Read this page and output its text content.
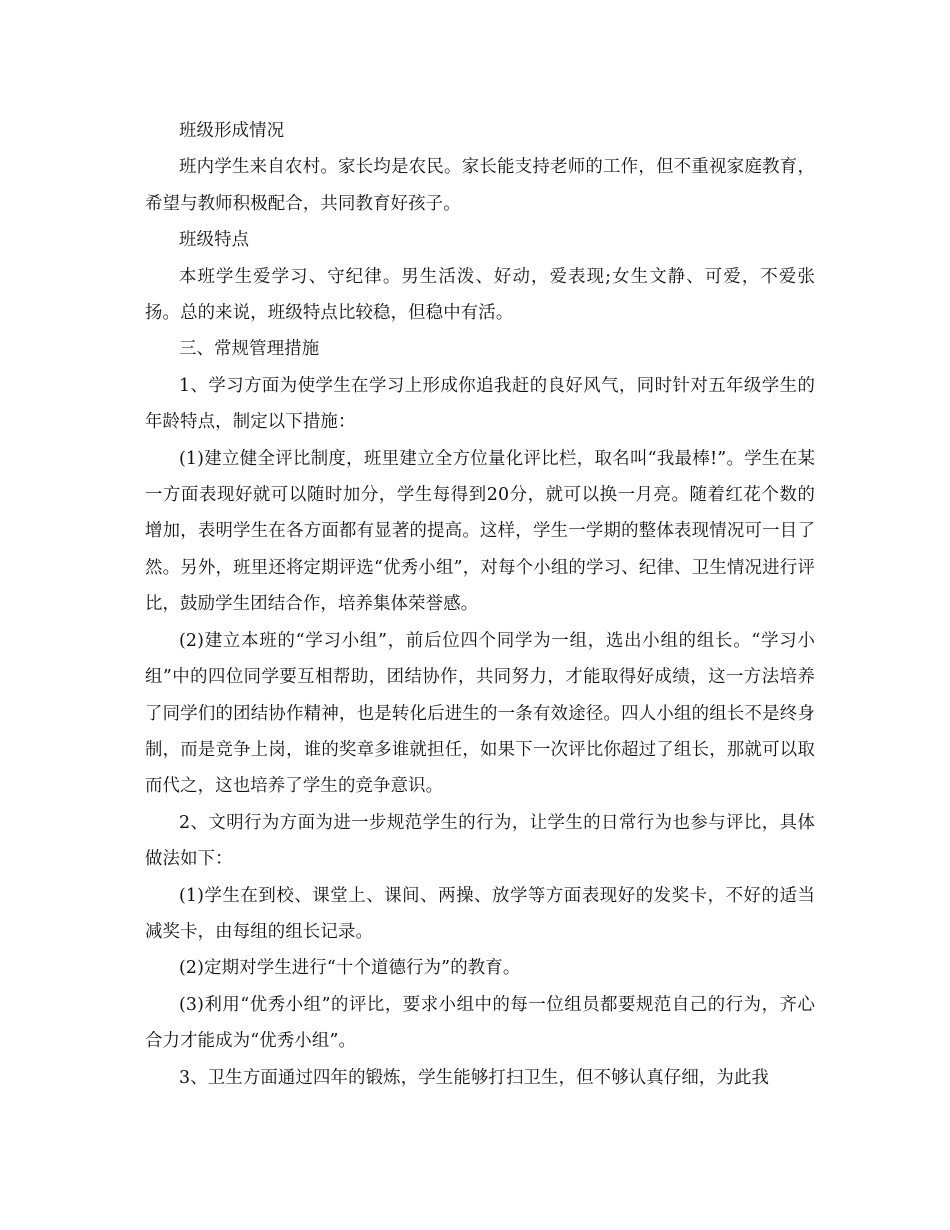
班级形成情况

班内学生来自农村。家长均是农民。家长能支持老师的工作，但不重视家庭教育，希望与教师积极配合，共同教育好孩子。

班级特点

本班学生爱学习、守纪律。男生活泼、好动，爱表现;女生文静、可爱，不爱张扬。总的来说，班级特点比较稳，但稳中有活。

三、常规管理措施

1、学习方面为使学生在学习上形成你追我赶的良好风气，同时针对五年级学生的年龄特点，制定以下措施：

(1)建立健全评比制度，班里建立全方位量化评比栏，取名叫“我最棒!”。学生在某一方面表现好就可以随时加分，学生每得到20分，就可以换一月亮。随着红花个数的增加，表明学生在各方面都有显著的提高。这样，学生一学期的整体表现情况可一目了然。另外，班里还将定期评选“优秀小组”，对每个小组的学习、纪律、卫生情况进行评比，鼓励学生团结合作，培养集体荣誉感。

(2)建立本班的“学习小组”，前后位四个同学为一组，选出小组的组长。“学习小组”中的四位同学要互相帮助，团结协作，共同努力，才能取得好成绩，这一方法培养了同学们的团结协作精神，也是转化后进生的一条有效途径。四人小组的组长不是终身制，而是竞争上岗，谁的奖章多谁就担任，如果下一次评比你超过了组长，那就可以取而代之，这也培养了学生的竞争意识。

2、文明行为方面为进一步规范学生的行为，让学生的日常行为也参与评比，具体做法如下：

(1)学生在到校、课堂上、课间、两操、放学等方面表现好的发奖卡，不好的适当减奖卡，由每组的组长记录。

(2)定期对学生进行“十个道德行为”的教育。

(3)利用“优秀小组”的评比，要求小组中的每一位组员都要规范自己的行为，齐心合力才能成为“优秀小组”。

3、卫生方面通过四年的锻炼，学生能够打扫卫生，但不够认真仔细，为此我
